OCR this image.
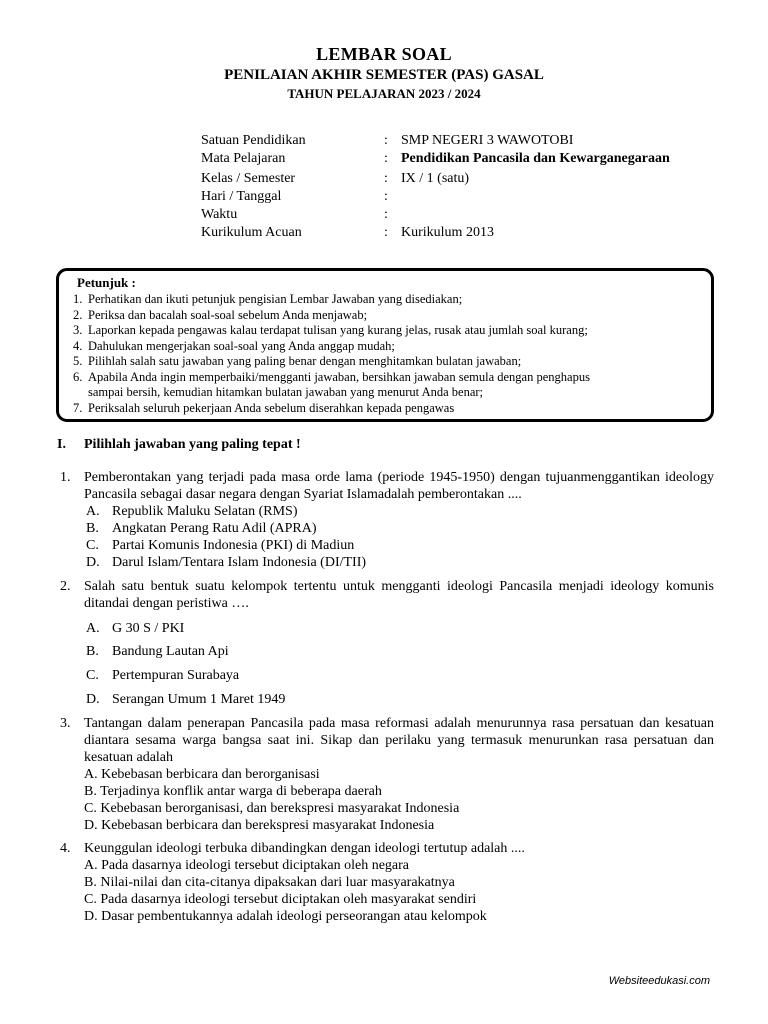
LEMBAR SOAL
PENILAIAN AKHIR SEMESTER (PAS) GASAL
TAHUN PELAJARAN 2023 / 2024
Satuan Pendidikan	: SMP NEGERI 3 WAWOTOBI
Mata Pelajaran	: Pendidikan Pancasila dan Kewarganegaraan
Kelas / Semester	: IX / 1 (satu)
Hari / Tanggal	:
Waktu	:
Kurikulum Acuan	: Kurikulum 2013
Petunjuk :
1. Perhatikan dan ikuti petunjuk pengisian Lembar Jawaban yang disediakan;
2. Periksa dan bacalah soal-soal sebelum Anda menjawab;
3. Laporkan kepada pengawas kalau terdapat tulisan yang kurang jelas, rusak atau jumlah soal kurang;
4. Dahulukan mengerjakan soal-soal yang Anda anggap mudah;
5. Pilihlah salah satu jawaban yang paling benar dengan menghitamkan bulatan jawaban;
6. Apabila Anda ingin memperbaiki/mengganti jawaban, bersihkan jawaban semula dengan penghapus
sampai bersih, kemudian hitamkan bulatan jawaban yang menurut Anda benar;
7. Periksalah seluruh pekerjaan Anda sebelum diserahkan kepada pengawas
I. Pilihlah jawaban yang paling tepat !
1. Pemberontakan yang terjadi pada masa orde lama (periode 1945-1950) dengan tujuanmenggantikan ideology Pancasila sebagai dasar negara dengan Syariat Islamadalah pemberontakan ....
A. Republik Maluku Selatan (RMS)
B. Angkatan Perang Ratu Adil (APRA)
C. Partai Komunis Indonesia (PKI) di Madiun
D. Darul Islam/Tentara Islam Indonesia (DI/TII)
2. Salah satu bentuk suatu kelompok tertentu untuk mengganti ideologi Pancasila menjadi ideology komunis ditandai dengan peristiwa ….
A. G 30 S / PKI
B. Bandung Lautan Api
C. Pertempuran Surabaya
D. Serangan Umum 1 Maret 1949
3. Tantangan dalam penerapan Pancasila pada masa reformasi adalah menurunnya rasa persatuan dan kesatuan diantara sesama warga bangsa saat ini. Sikap dan perilaku yang termasuk menurunkan rasa persatuan dan kesatuan adalah
A. Kebebasan berbicara dan berorganisasi
B. Terjadinya konflik antar warga di beberapa daerah
C. Kebebasan berorganisasi, dan berekspresi masyarakat Indonesia
D. Kebebasan berbicara dan berekspresi masyarakat Indonesia
4. Keunggulan ideologi terbuka dibandingkan dengan ideologi tertutup adalah ....
A. Pada dasarnya ideologi tersebut diciptakan oleh negara
B. Nilai-nilai dan cita-citanya dipaksakan dari luar masyarakatnya
C. Pada dasarnya ideologi tersebut diciptakan oleh masyarakat sendiri
D. Dasar pembentukannya adalah ideologi perseorangan atau kelompok
Websiteedukasi.com
